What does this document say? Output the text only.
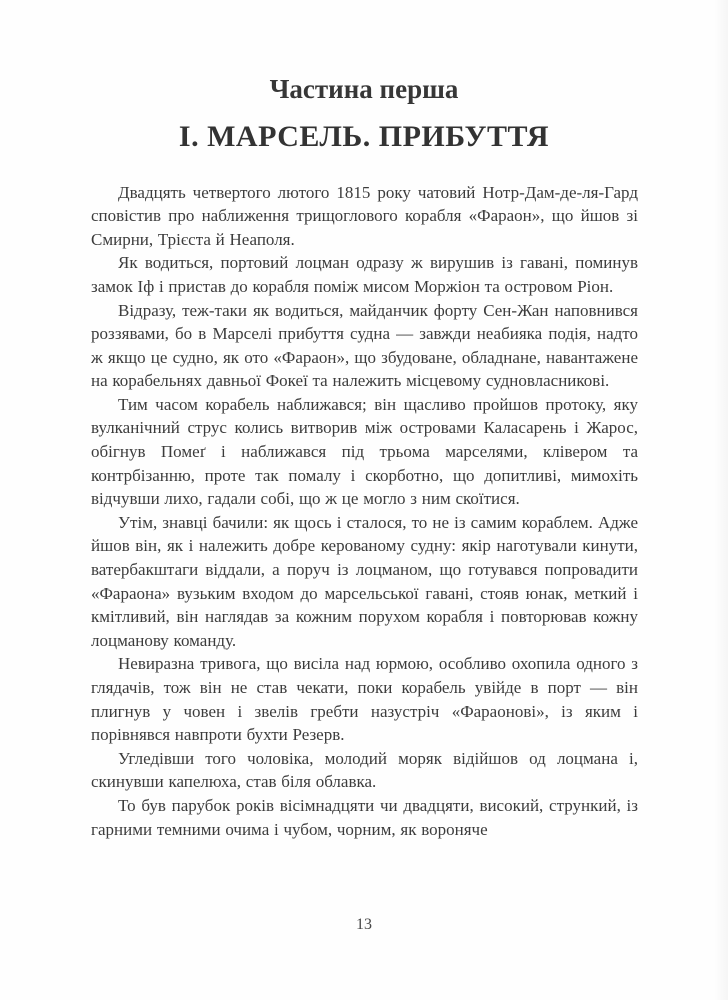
Частина перша
І. МАРСЕЛЬ. ПРИБУТТЯ

Двадцять четвертого лютого 1815 року чатовий Нотр-Дам-де-ля-Гард сповістив про наближення трищоглового корабля «Фараон», що йшов зі Смирни, Трієста й Неаполя.

Як водиться, портовий лоцман одразу ж вирушив із гавані, поминув замок Іф і пристав до корабля поміж мисом Моржіон та островом Ріон.

Відразу, теж-таки як водиться, майданчик форту Сен-Жан наповнився роззявами, бо в Марселі прибуття судна — завжди неабияка подія, надто ж якщо це судно, як ото «Фараон», що збудоване, обладнане, навантажене на корабельнях давньої Фокеї та належить місцевому судновласникові.

Тим часом корабель наближався; він щасливо пройшов протоку, яку вулканічний струс колись витворив між островами Каласарень і Жарос, обігнув Помеґ і наближався під трьома марселями, клівером та контрбізанню, проте так помалу і скорботно, що допитливі, мимохіть відчувши лихо, гадали собі, що ж це могло з ним скоїтися.

Утім, знавці бачили: як щось і сталося, то не із самим кораблем. Адже йшов він, як і належить добре керованому судну: якір наготували кинути, ватербакштаги віддали, а поруч із лоцманом, що готувався попровадити «Фараона» вузьким входом до марсельської гавані, стояв юнак, меткий і кмітливий, він наглядав за кожним порухом корабля і повторював кожну лоцманову команду.

Невиразна тривога, що висіла над юрмою, особливо охопила одного з глядачів, тож він не став чекати, поки корабель увійде в порт — він плигнув у човен і звелів гребти назустріч «Фараонові», із яким і порівнявся навпроти бухти Резерв.

Угледівши того чоловіка, молодий моряк відійшов од лоцмана і, скинувши капелюха, став біля облавка.

То був парубок років вісімнадцяти чи двадцяти, високий, стрункий, із гарними темними очима і чубом, чорним, як вороняче

13
